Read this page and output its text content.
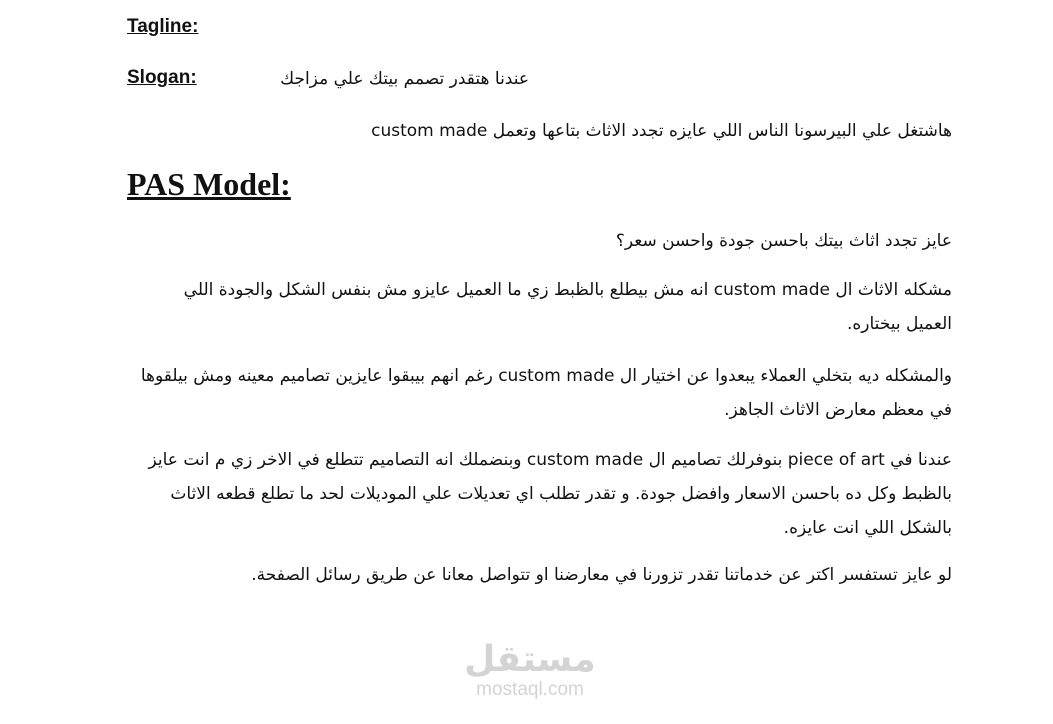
Tagline:
Slogan:	عندنا هتقدر تصمم بيتك علي مزاجك
هاشتغل علي البيرسونا الناس اللي عايزه تجدد الاثاث بتاعها وتعمل custom made
PAS Model:
عايز تجدد اثاث بيتك باحسن جودة واحسن سعر؟
مشكله الاثاث ال custom made انه مش بيطلع بالظبط زي ما العميل عايزو مش بنفس الشكل والجودة اللي العميل بيختاره.
والمشكله ديه بتخلي العملاء يبعدوا عن اختيار ال custom made رغم انهم بيبقوا عايزين تصاميم معينه ومش بيلقوها في معظم معارض الاثاث الجاهز.
عندنا في piece of art بنوفرلك تصاميم ال custom made وبنضملك انه التصاميم تتطلع في الاخر زي م انت عايز بالظبط وكل ده باحسن الاسعار وافضل جودة. و تقدر تطلب اي تعديلات علي الموديلات لحد ما تطلع قطعه الاثاث بالشكل اللي انت عايزه.
لو عايز تستفسر اكتر عن خدماتنا تقدر تزورنا في معارضنا او تتواصل معانا عن طريق رسائل الصفحة.
مستقل
mostaql.com
